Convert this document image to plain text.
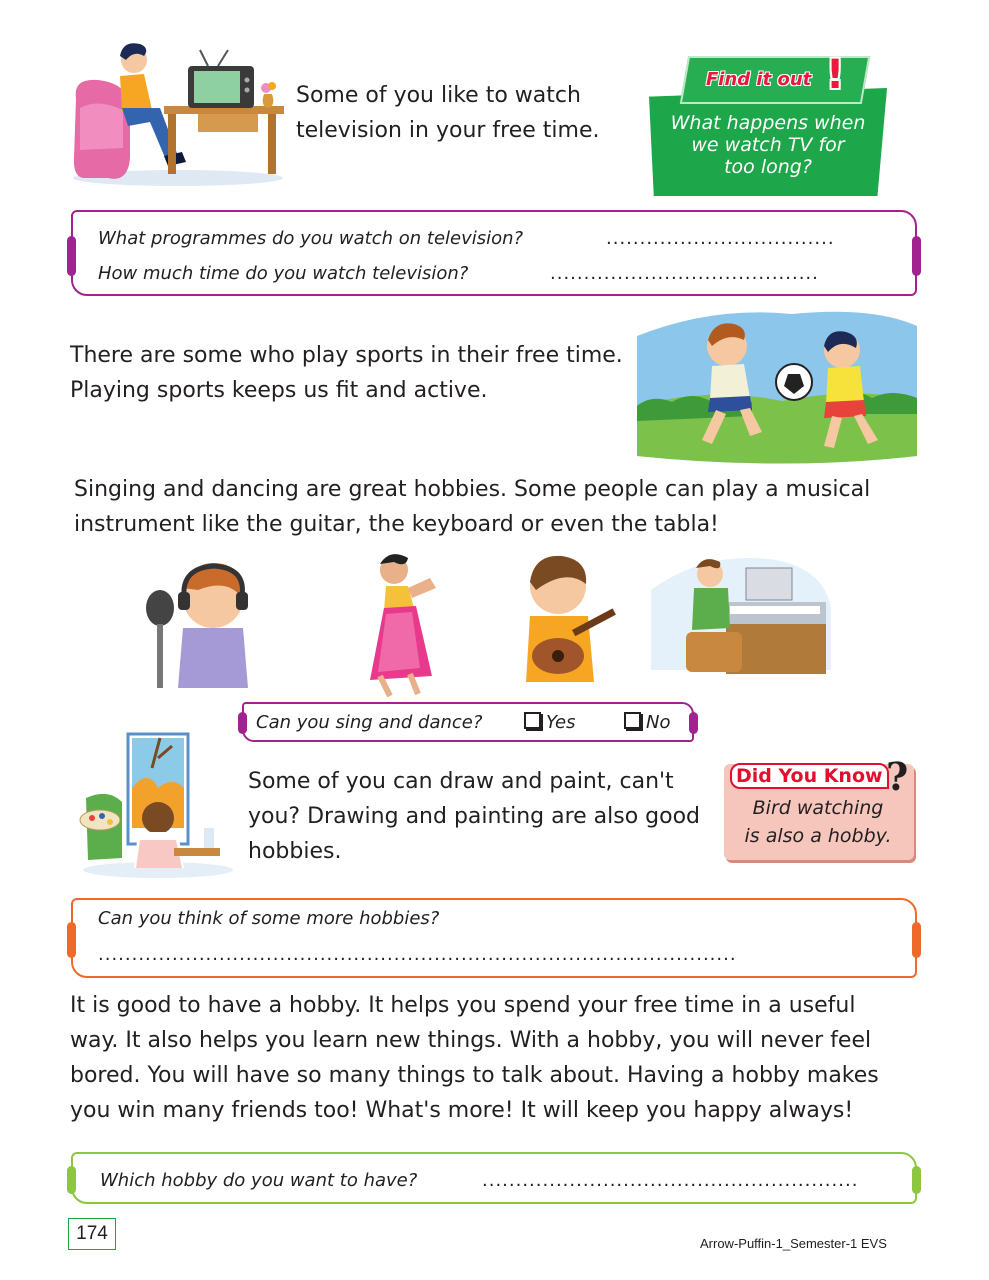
Some of you like to watch
television in your free time.
Find it out !
What happens when
we watch TV for
too long?
What programmes do you watch on television?	..................................
How much time do you watch television?	........................................
There are some who play sports in their free time.
Playing sports keeps us fit and active.
Singing and dancing are great hobbies. Some people can play a musical
instrument like the guitar, the keyboard or even the tabla!
Can you sing and dance?	Yes	No
Some of you can draw and paint, can't
you? Drawing and painting are also good
hobbies.
Did You Know ?
Bird watching
is also a hobby.
Can you think of some more hobbies?
...............................................................................................
It is good to have a hobby. It helps you spend your free time in a useful
way. It also helps you learn new things. With a hobby, you will never feel
bored. You will have so many things to talk about. Having a hobby makes
you win many friends too! What's more! It will keep you happy always!
Which hobby do you want to have?	........................................................
174	Arrow-Puffin-1_Semester-1 EVS
